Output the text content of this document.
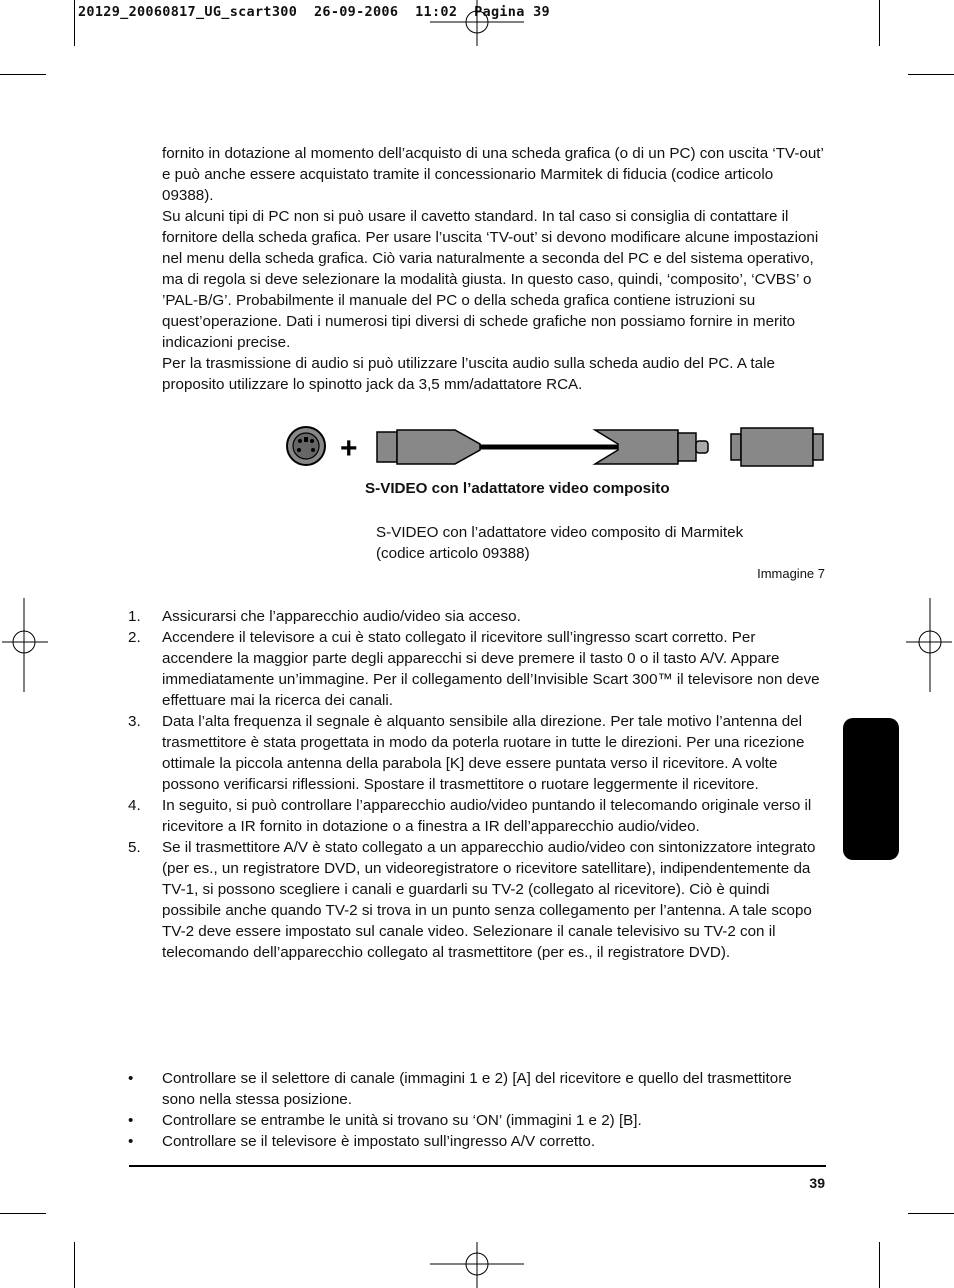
20129_20060817_UG_scart300  26-09-2006  11:02  Pagina 39

fornito in dotazione al momento dell’acquisto di una scheda grafica (o di un PC) con uscita ‘TV-out’ e può anche essere acquistato tramite il concessionario Marmitek di fiducia (codice articolo 09388).

Su alcuni tipi di PC non si può usare il cavetto standard. In tal caso si consiglia di contattare il fornitore della scheda grafica. Per usare l’uscita ‘TV-out’ si devono modificare alcune impostazioni nel menu della scheda grafica. Ciò varia naturalmente a seconda del PC e del sistema operativo, ma di regola si deve selezionare la modalità giusta. In questo caso, quindi, ‘composito’, ‘CVBS’ o ’PAL-B/G’. Probabilmente il manuale del PC o della scheda grafica contiene istruzioni su quest’operazione. Dati i numerosi tipi diversi di schede grafiche non possiamo fornire in merito indicazioni precise.

Per la trasmissione di audio si può utilizzare l’uscita audio sulla scheda audio del PC. A tale proposito utilizzare lo spinotto jack da 3,5 mm/adattatore RCA.

+
S-VIDEO con l’adattatore video composito
S-VIDEO con l’adattatore video composito di Marmitek (codice articolo 09388)
Immagine 7
1. Assicurarsi che l’apparecchio audio/video sia acceso.
2. Accendere il televisore a cui è stato collegato il ricevitore sull’ingresso scart corretto. Per accendere la maggior parte degli apparecchi si deve premere il tasto 0 o il tasto A/V. Appare immediatamente un’immagine. Per il collegamento dell’Invisible Scart 300™ il televisore non deve effettuare mai la ricerca dei canali.
3. Data l’alta frequenza il segnale è alquanto sensibile alla direzione. Per tale motivo l’antenna del trasmettitore è stata progettata in modo da poterla ruotare in tutte le direzioni. Per una ricezione ottimale la piccola antenna della parabola [K] deve essere puntata verso il ricevitore. A volte possono verificarsi riflessioni. Spostare il trasmettitore o ruotare leggermente il ricevitore.
4. In seguito, si può controllare l’apparecchio audio/video puntando il telecomando originale verso il ricevitore a IR fornito in dotazione o a finestra a IR dell’apparecchio audio/video.
5. Se il trasmettitore A/V è stato collegato a un apparecchio audio/video con sintonizzatore integrato (per es., un registratore DVD, un videoregistratore o ricevitore satellitare), indipendentemente da TV-1, si possono scegliere i canali e guardarli su TV-2 (collegato al ricevitore). Ciò è quindi possibile anche quando TV-2 si trova in un punto senza collegamento per l’antenna. A tale scopo TV-2 deve essere impostato sul canale video. Selezionare il canale televisivo su TV-2 con il telecomando dell’apparecchio collegato al trasmettitore (per es., il registratore DVD).
• Controllare se il selettore di canale (immagini 1 e 2) [A] del ricevitore e quello del trasmettitore sono nella stessa posizione.
• Controllare se entrambe le unità si trovano su ‘ON’ (immagini 1 e 2) [B].
• Controllare se il televisore è impostato sull’ingresso A/V corretto.
39
